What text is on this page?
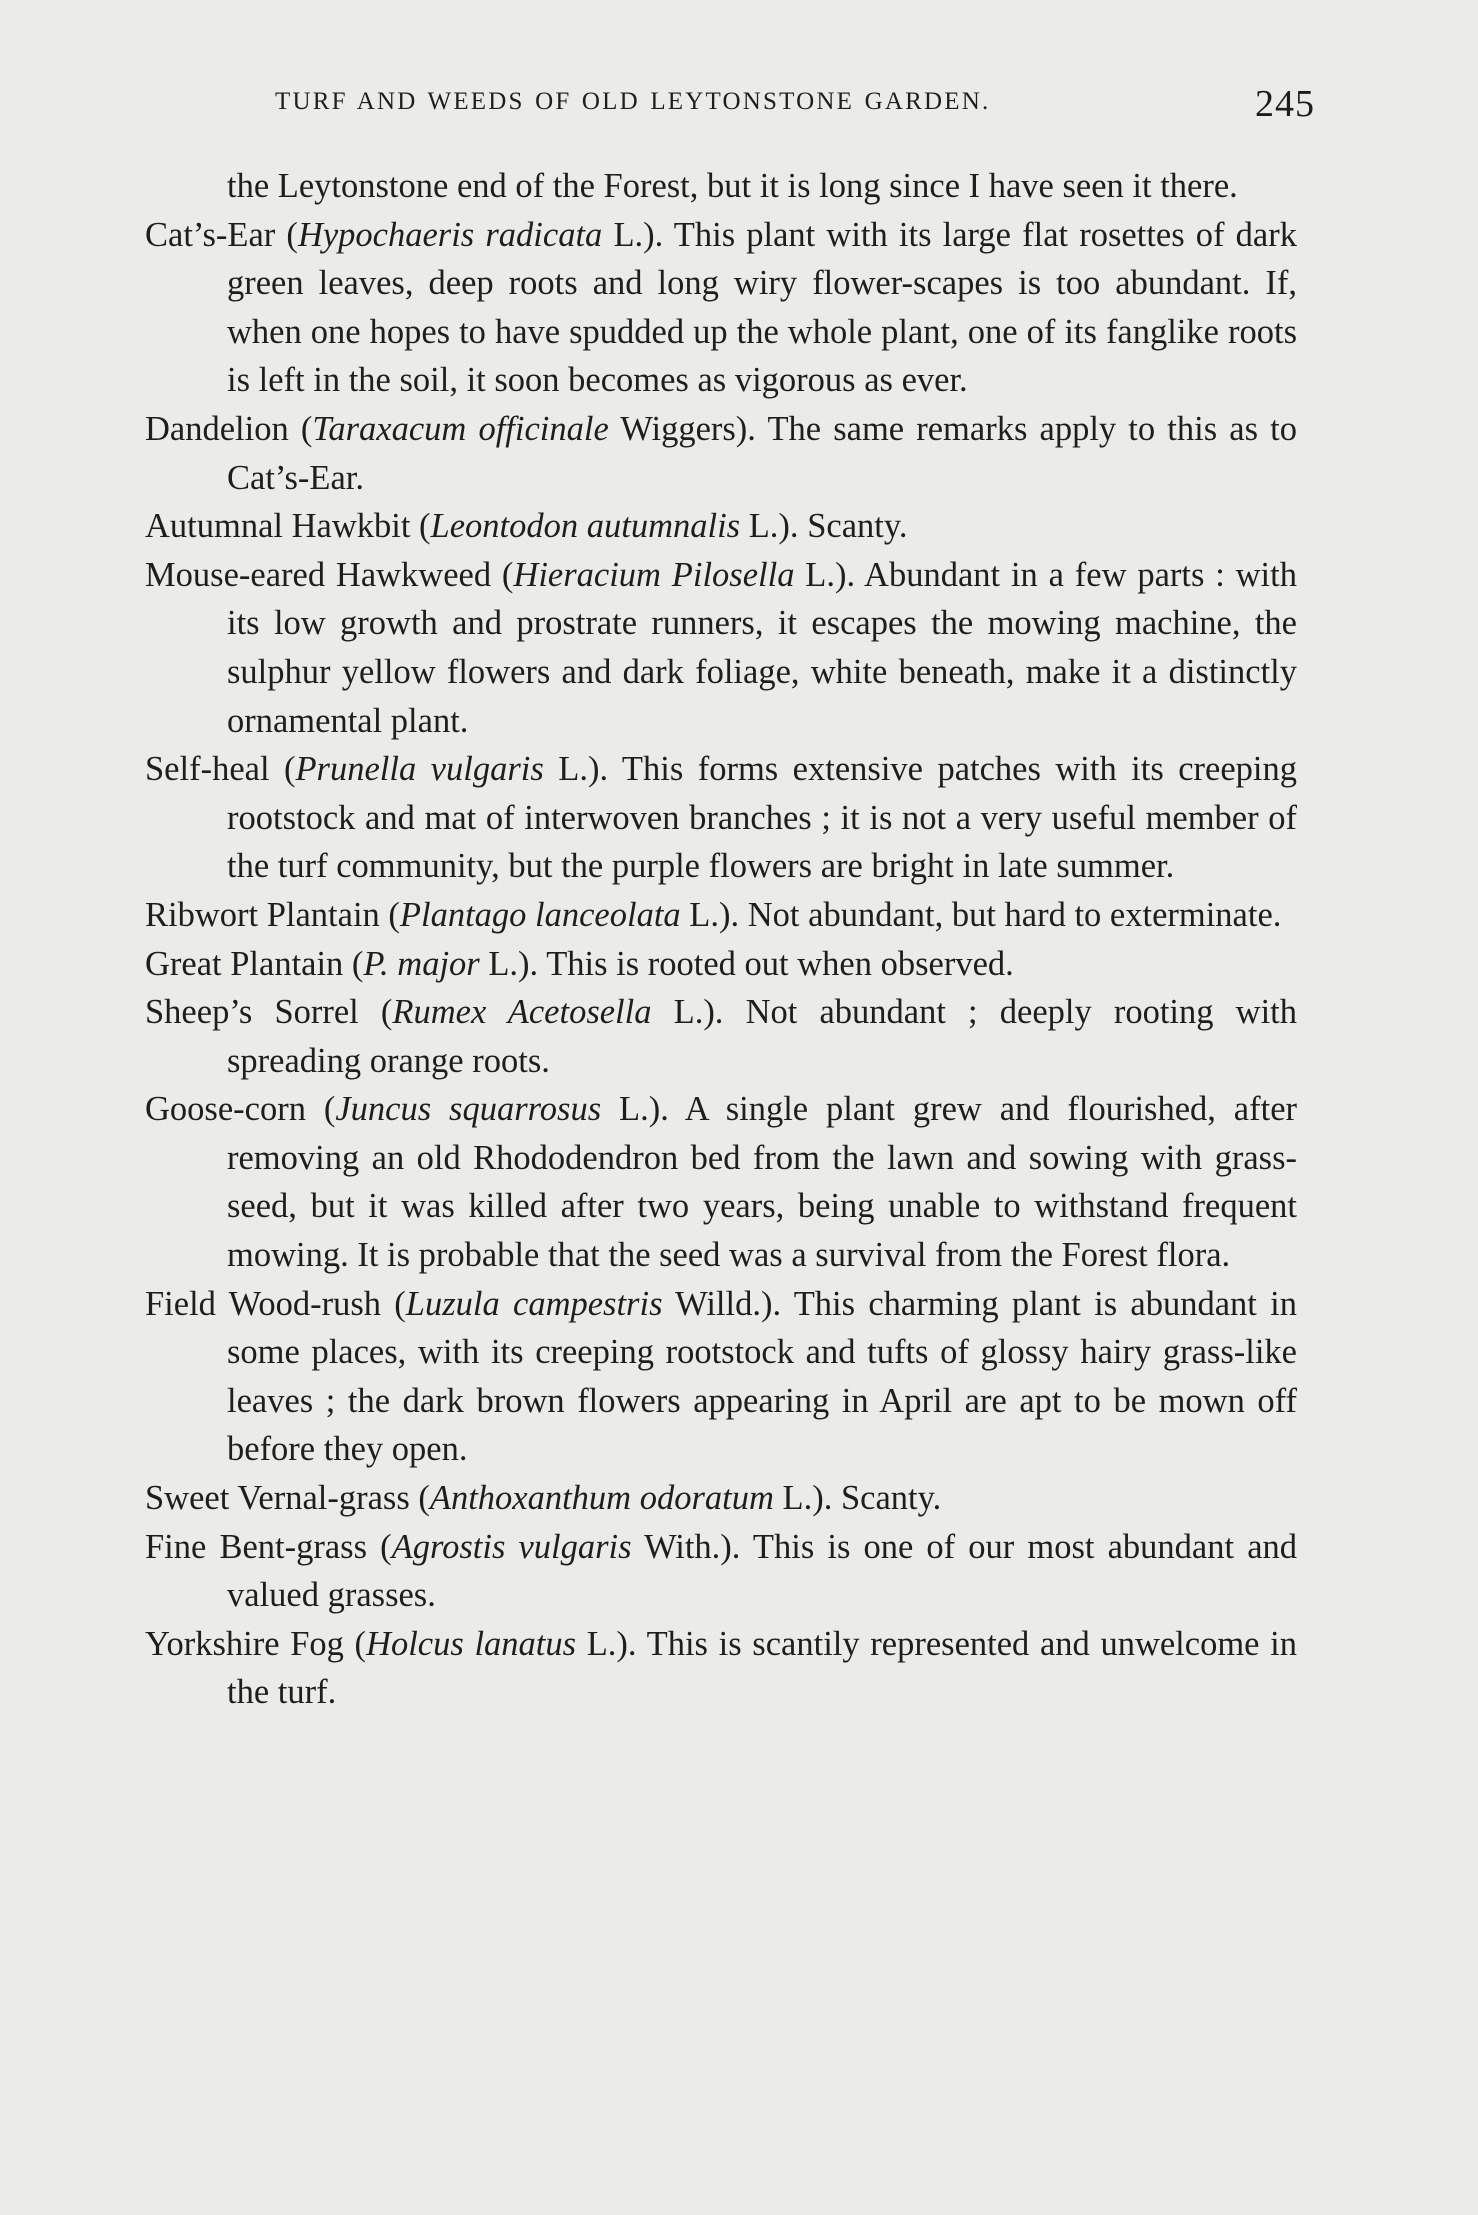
TURF AND WEEDS OF OLD LEYTONSTONE GARDEN.	245

the Leytonstone end of the Forest, but it is long since I have seen it there.

Cat’s-Ear (Hypochaeris radicata L.). This plant with its large flat rosettes of dark green leaves, deep roots and long wiry flower-scapes is too abundant. If, when one hopes to have spudded up the whole plant, one of its fanglike roots is left in the soil, it soon becomes as vigorous as ever.

Dandelion (Taraxacum officinale Wiggers). The same remarks apply to this as to Cat’s-Ear.

Autumnal Hawkbit (Leontodon autumnalis L.). Scanty.

Mouse-eared Hawkweed (Hieracium Pilosella L.). Abundant in a few parts : with its low growth and prostrate runners, it escapes the mowing machine, the sulphur yellow flowers and dark foliage, white beneath, make it a distinctly ornamental plant.

Self-heal (Prunella vulgaris L.). This forms extensive patches with its creeping rootstock and mat of interwoven branches ; it is not a very useful member of the turf community, but the purple flowers are bright in late summer.

Ribwort Plantain (Plantago lanceolata L.). Not abundant, but hard to exterminate.

Great Plantain (P. major L.). This is rooted out when observed.

Sheep’s Sorrel (Rumex Acetosella L.). Not abundant ; deeply rooting with spreading orange roots.

Goose-corn (Juncus squarrosus L.). A single plant grew and flourished, after removing an old Rhododendron bed from the lawn and sowing with grass-seed, but it was killed after two years, being unable to withstand frequent mowing. It is probable that the seed was a survival from the Forest flora.

Field Wood-rush (Luzula campestris Willd.). This charming plant is abundant in some places, with its creeping rootstock and tufts of glossy hairy grass-like leaves ; the dark brown flowers appearing in April are apt to be mown off before they open.

Sweet Vernal-grass (Anthoxanthum odoratum L.). Scanty.

Fine Bent-grass (Agrostis vulgaris With.). This is one of our most abundant and valued grasses.

Yorkshire Fog (Holcus lanatus L.). This is scantily represented and unwelcome in the turf.
